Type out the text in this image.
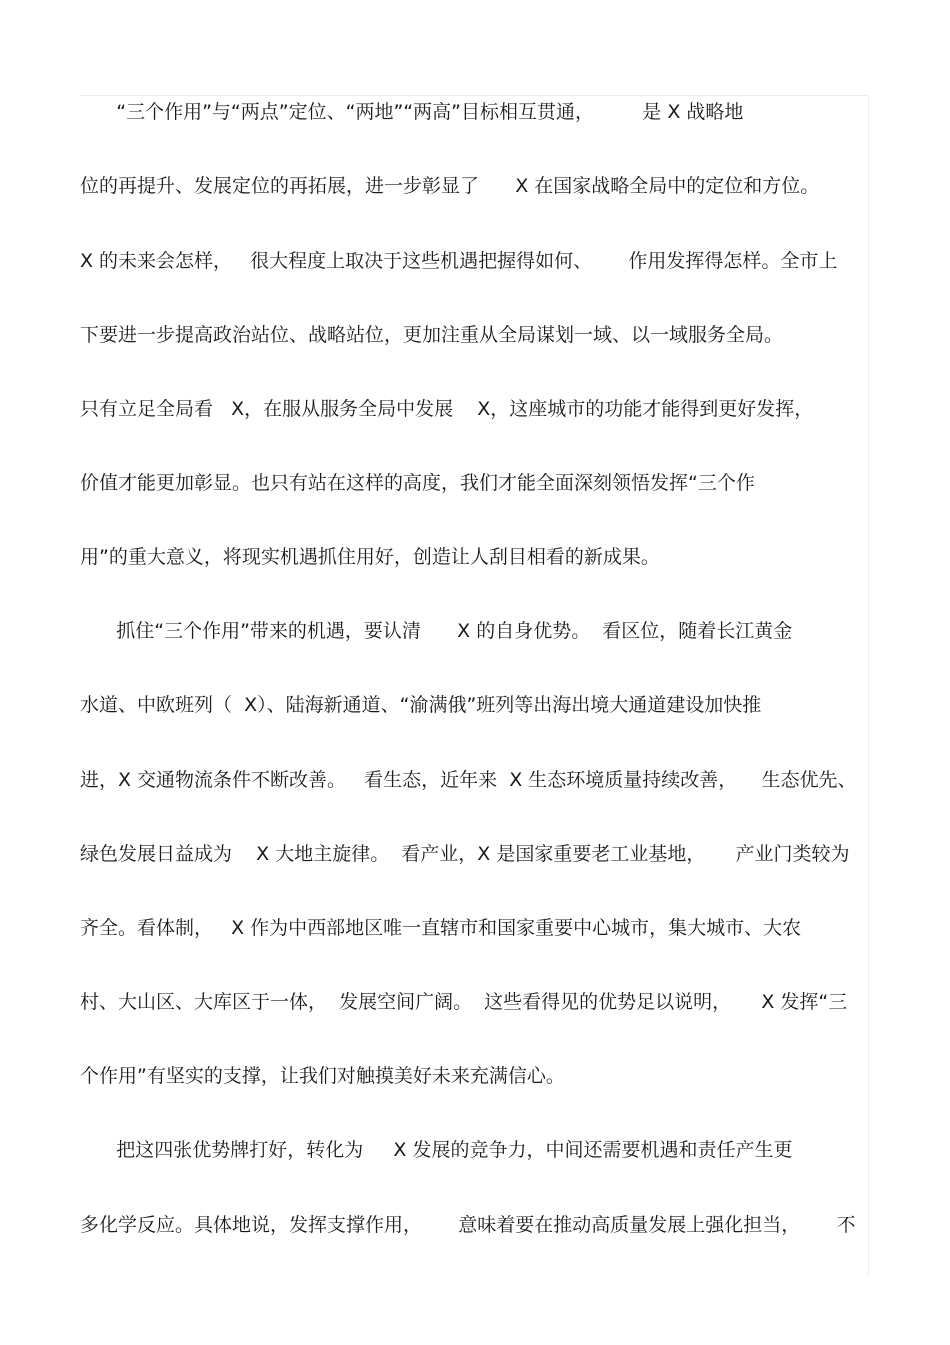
“三个作用”与“两点”定位、“两地”“两高”目标相互贯通，        是 X 战略地

位的再提升、发展定位的再拓展，进一步彰显了      X 在国家战略全局中的定位和方位。

X 的未来会怎样，   很大程度上取决于这些机遇把握得如何、      作用发挥得怎样。全市上

下要进一步提高政治站位、战略站位，更加注重从全局谋划一域、以一域服务全局。

只有立足全局看   X，在服从服务全局中发展    X，这座城市的功能才能得到更好发挥，

价值才能更加彰显。也只有站在这样的高度，我们才能全面深刻领悟发挥“三个作

用”的重大意义，将现实机遇抓住用好，创造让人刮目相看的新成果。

抓住“三个作用”带来的机遇，要认清      X 的自身优势。  看区位，随着长江黄金

水道、中欧班列（  X）、陆海新通道、“渝满俄”班列等出海出境大通道建设加快推

进，X 交通物流条件不断改善。   看生态，近年来  X 生态环境质量持续改善，    生态优先、

绿色发展日益成为    X 大地主旋律。  看产业，X 是国家重要老工业基地，     产业门类较为

齐全。看体制，   X 作为中西部地区唯一直辖市和国家重要中心城市，集大城市、大农

村、大山区、大库区于一体，  发展空间广阔。  这些看得见的优势足以说明，     X 发挥“三

个作用”有坚实的支撑，让我们对触摸美好未来充满信心。

把这四张优势牌打好，转化为     X 发展的竞争力，中间还需要机遇和责任产生更

多化学反应。具体地说，发挥支撑作用，      意味着要在推动高质量发展上强化担当，      不
